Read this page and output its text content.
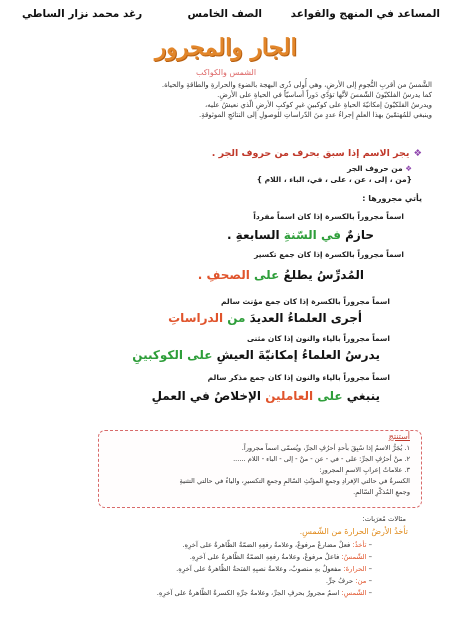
المساعد في المنهج والقواعد
الصف الخامس
رغد محمد نزار الساطي
الجار والمجرور
الشمس والكواكب
الشَّمسُ من أقربِ النُّجومِ إلى الأرضِ، وهي أُولى ذُرى البهجة بالضوءِ والحرارةِ والطاقةِ والحياة.
كما يدرسُ الفلكيّونَ الشّمسَ لأنَّها تؤدّي دَوراً أساسيّاً في الحياةِ على الأرضِ.
ويدرسُ الفلكيّونَ إمكانيّةَ الحياةِ على كوكبينِ غيرِ كوكبِ الأرضِ الّذي نعيشُ عليه،
وينبغي للمُهتمّينَ بهذا العلمِ إجراءُ عددٍ منَ الدّراساتِ للوصولِ إلى النتائجِ الموثوقةِ.
❖يجر الاسم إذا سبق بحرف من حروف الجر .
❖ من حروف الجر
{من ، إلى ، عن ، على ، في، الباء ، اللام }
يأتي مجرورها :
اسماً مجروراً بالكسرة إذا كان اسماً مفرداً
حازمٌ في السّنةِ السابعةِ .
اسماً مجروراً بالكسرة إذا كان جمع تكسير
المُدرِّسُ يطلعُ على الصحفِ .
اسماً مجروراً بالكسرة إذا كان جمع مؤنث سالم
أجرى العلماءُ العديدَ من الدراساتِ
اسماً مجروراً بالياء والنون إذا كان مثنى
يدرسُ العلماءُ إمكانيّةَ العيشِ على الكوكبينِ
اسماً مجروراً بالياء والنون إذا كان جمع مذكر سالم
ينبغي على العاملين الإخلاصُ في العملِ
أستنتج
١. يُجَرُّ الاسمُ إذا سُبِقَ بأحدِ أحرُفِ الجرِّ، ويُسمّى اسماً مجروراً.
٢. منْ أحرُفِ الجرِّ: على - في - عن - منْ - إلى - الباء - اللام ......
٣. علاماتُ إعرابِ الاسمِ المجرورِ:
الكسرةُ في حالتي الإفرادِ وجمعِ المؤنّثِ السّالمِ وجمعِ التكسيرِ، والياءُ في حالتي التثنيةِ
وجمعِ المُذكّرِ السّالمِ.
مثالات مُعرَبات:
تأخذُ الأرضُ الحرارةَ من الشّمسِ.
– تأخذُ: فعلٌ مضارعٌ مرفوعٌ، وعلامةُ رفعِهِ الضمّةُ الظّاهرةُ على آخرِهِ.
– الشّمسُ: فاعلٌ مرفوعٌ، وعلامةُ رفعِهِ الضمّةُ الظّاهرةُ على آخرِهِ.
– الحرارةَ: مفعولٌ بهِ منصوبٌ، وعلامةُ نصبِهِ الفتحةُ الظّاهرةُ على آخرِهِ.
– من: حرفُ جرٍّ.
– الشّمسِ: اسمٌ مجرورٌ بحرفِ الجرِّ، وعلامةُ جرِّهِ الكسرةُ الظّاهرةُ على آخرِهِ.
